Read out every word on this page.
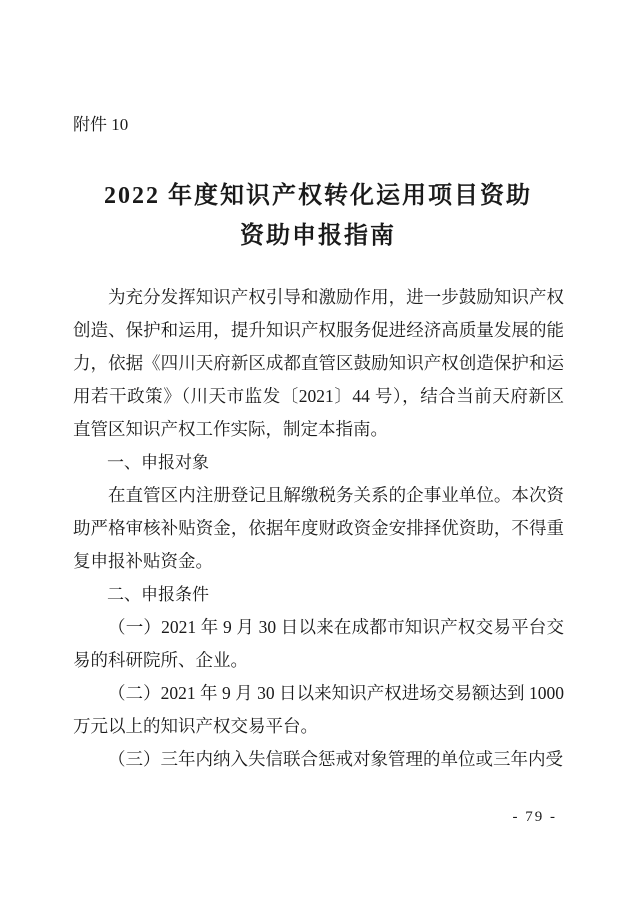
附件 10
2022 年度知识产权转化运用项目资助
资助申报指南

为充分发挥知识产权引导和激励作用，进一步鼓励知识产权创造、保护和运用，提升知识产权服务促进经济高质量发展的能力，依据《四川天府新区成都直管区鼓励知识产权创造保护和运用若干政策》（川天市监发〔2021〕44 号），结合当前天府新区直管区知识产权工作实际，制定本指南。

一、申报对象

在直管区内注册登记且解缴税务关系的企事业单位。本次资助严格审核补贴资金，依据年度财政资金安排择优资助，不得重复申报补贴资金。

二、申报条件

（一）2021 年 9 月 30 日以来在成都市知识产权交易平台交易的科研院所、企业。

（二）2021 年 9 月 30 日以来知识产权进场交易额达到 1000 万元以上的知识产权交易平台。

（三）三年内纳入失信联合惩戒对象管理的单位或三年内受

- 79 -
